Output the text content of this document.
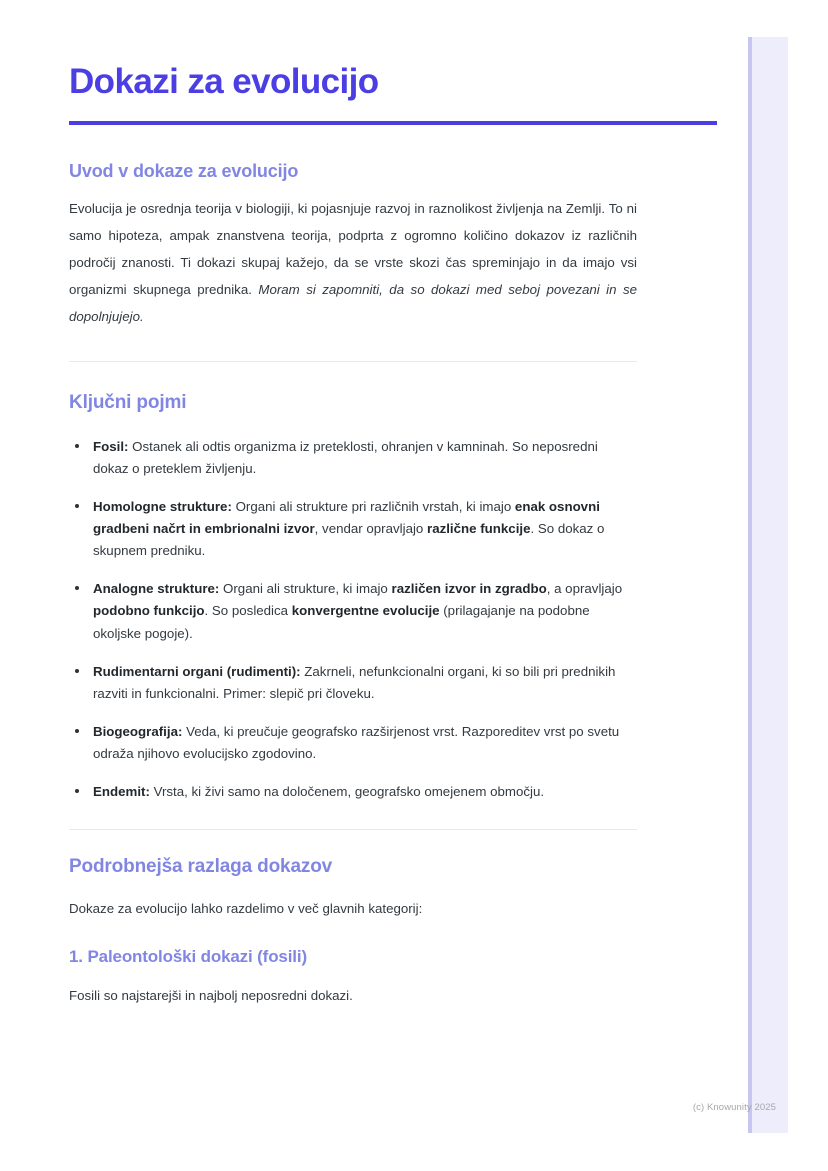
Dokazi za evolucijo
Uvod v dokaze za evolucijo

Evolucija je osrednja teorija v biologiji, ki pojasnjuje razvoj in raznolikost življenja na Zemlji. To ni samo hipoteza, ampak znanstvena teorija, podprta z ogromno količino dokazov iz različnih področij znanosti. Ti dokazi skupaj kažejo, da se vrste skozi čas spreminjajo in da imajo vsi organizmi skupnega prednika. Moram si zapomniti, da so dokazi med seboj povezani in se dopolnjujejo.

Ključni pojmi
Fosil: Ostanek ali odtis organizma iz preteklosti, ohranjen v kamninah. So neposredni dokaz o preteklem življenju.
Homologne strukture: Organi ali strukture pri različnih vrstah, ki imajo enak osnovni gradbeni načrt in embrionalni izvor, vendar opravljajo različne funkcije. So dokaz o skupnem predniku.
Analogne strukture: Organi ali strukture, ki imajo različen izvor in zgradbo, a opravljajo podobno funkcijo. So posledica konvergentne evolucije (prilagajanje na podobne okoljske pogoje).
Rudimentarni organi (rudimenti): Zakrneli, nefunkcionalni organi, ki so bili pri prednikih razviti in funkcionalni. Primer: slepič pri človeku.
Biogeografija: Veda, ki preučuje geografsko razširjenost vrst. Razporeditev vrst po svetu odraža njihovo evolucijsko zgodovino.
Endemit: Vrsta, ki živi samo na določenem, geografsko omejenem območju.
Podrobnejša razlaga dokazov

Dokaze za evolucijo lahko razdelimo v več glavnih kategorij:

1. Paleontološki dokazi (fosili)

Fosili so najstarejši in najbolj neposredni dokazi.

(c) Knowunity 2025
